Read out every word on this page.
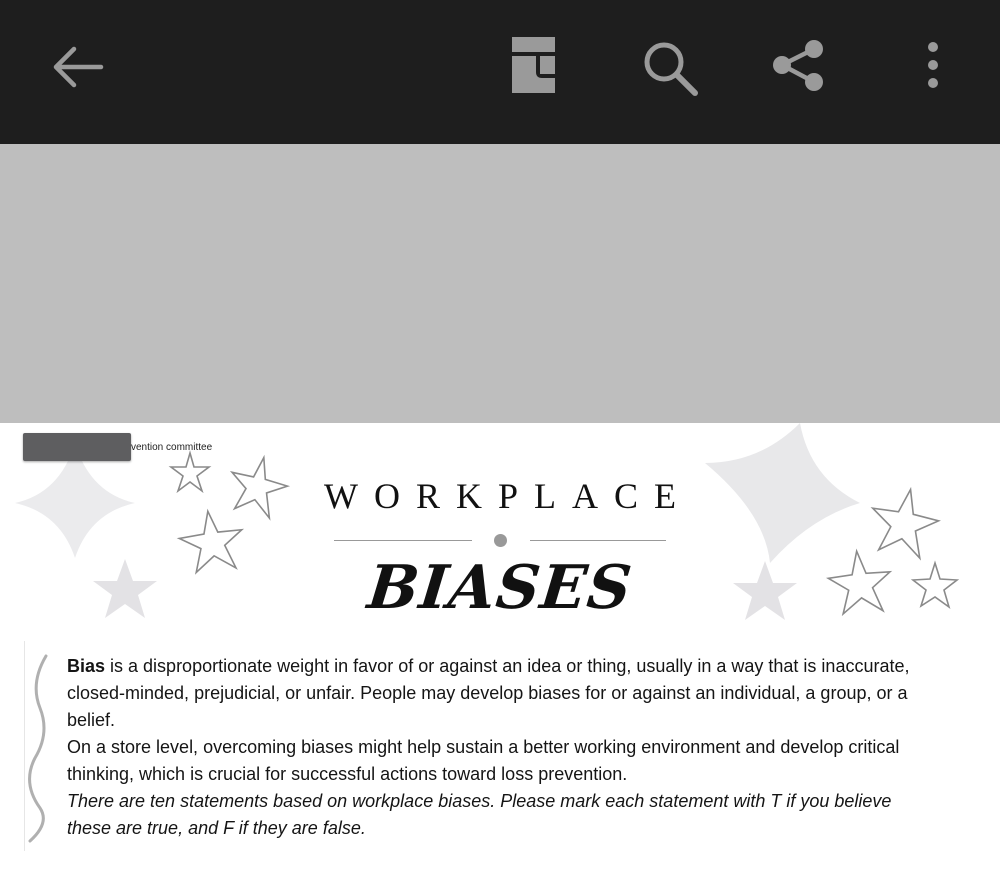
vention committee
WORKPLACE
BIASES

Bias is a disproportionate weight in favor of or against an idea or thing, usually in a way that is inaccurate, closed-minded, prejudicial, or unfair. People may develop biases for or against an individual, a group, or a belief.

On a store level, overcoming biases might help sustain a better working environment and develop critical thinking, which is crucial for successful actions toward loss prevention.

There are ten statements based on workplace biases. Please mark each statement with T if you believe these are true, and F if they are false.
